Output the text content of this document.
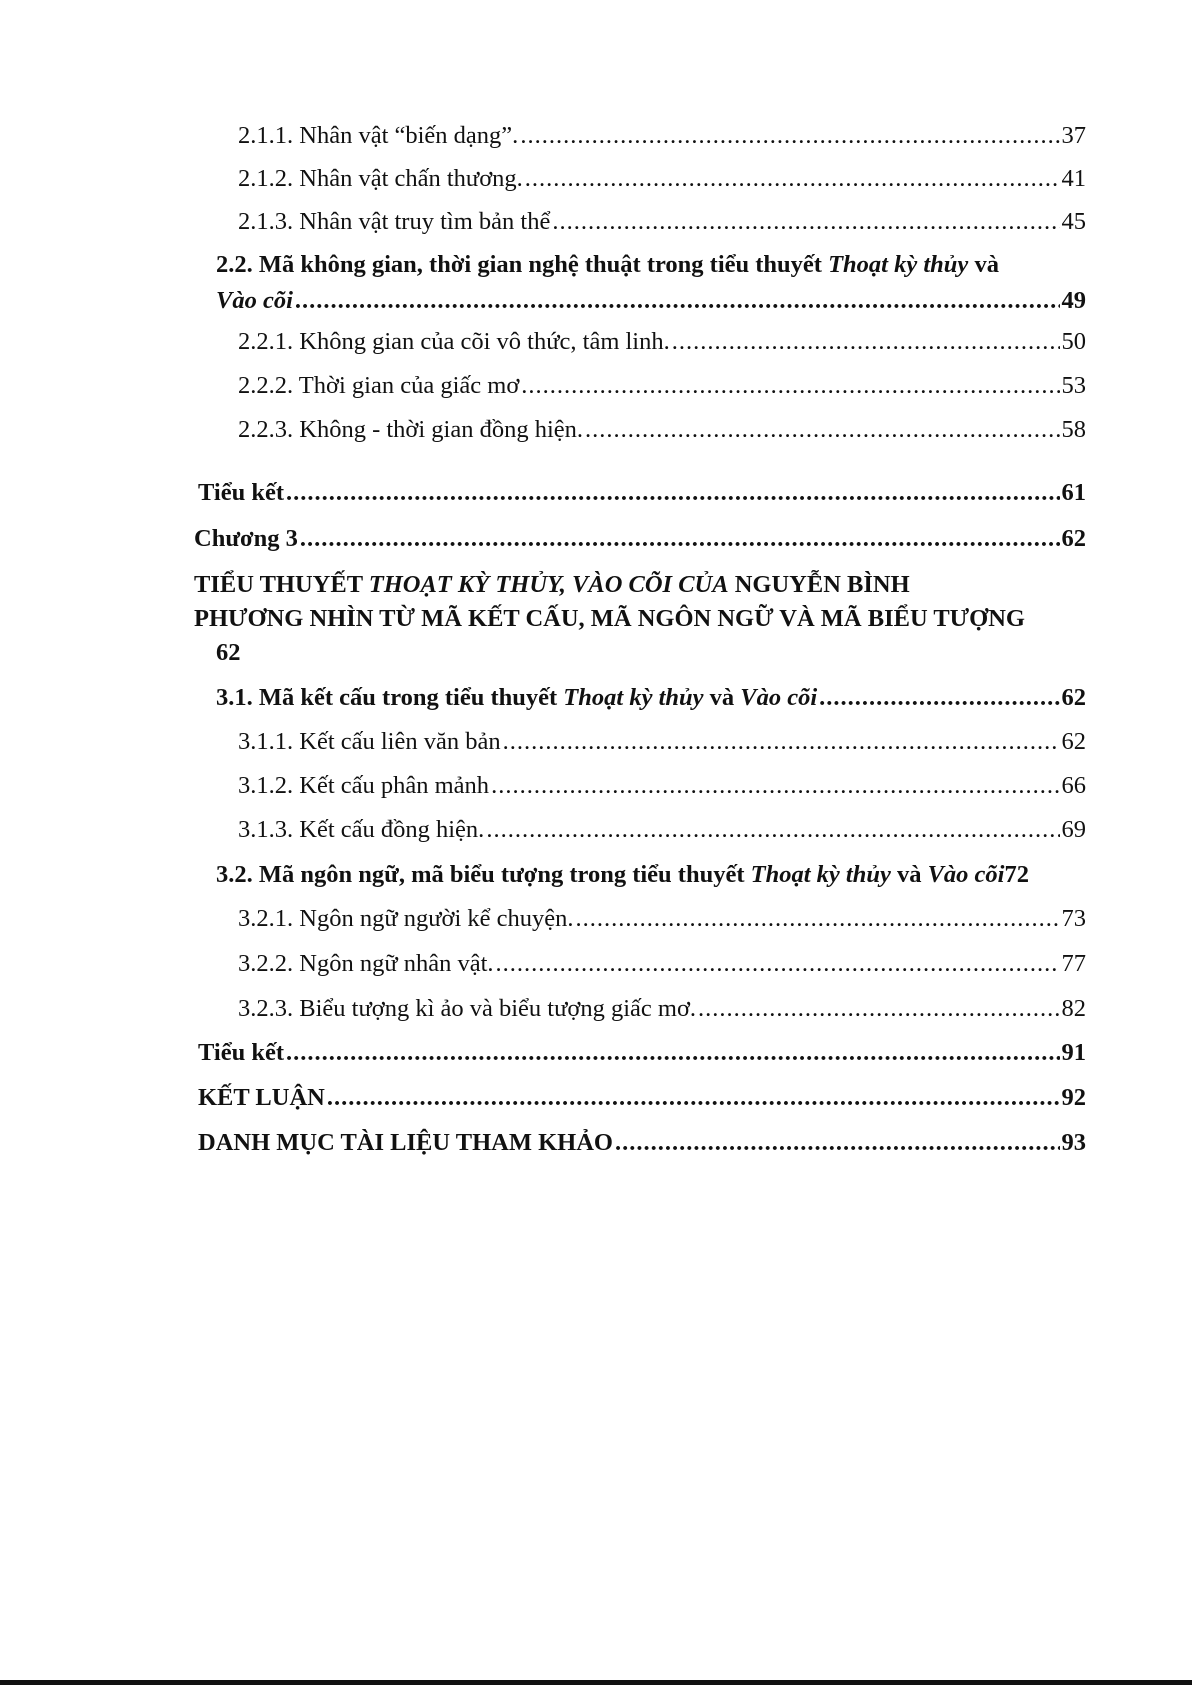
2.1.1. Nhân vật “biến dạng”. .....	37
2.1.2. Nhân vật chấn thương. .....	41
2.1.3. Nhân vật truy tìm bản thể .....	45
2.2. Mã không gian, thời gian nghệ thuật trong tiểu thuyết Thoạt kỳ thủy và
Vào cõi .....	49
2.2.1. Không gian của cõi vô thức, tâm linh. .....	50
2.2.2. Thời gian của giấc mơ .....	53
2.2.3. Không - thời gian đồng hiện. .....	58
Tiểu kết .....	61
Chương 3 .....	62
TIỂU THUYẾT THOẠT KỲ THỦY, VÀO CÕI CỦA NGUYỄN BÌNH
PHƯƠNG NHÌN TỪ MÃ KẾT CẤU, MÃ NGÔN NGỮ VÀ MÃ BIỂU TƯỢNG
62
3.1. Mã kết cấu trong tiểu thuyết Thoạt kỳ thủy và Vào cõi .....	62
3.1.1. Kết cấu liên văn bản .....	62
3.1.2. Kết cấu phân mảnh .....	66
3.1.3. Kết cấu đồng hiện. .....	69
3.2. Mã ngôn ngữ, mã biểu tượng trong tiểu thuyết Thoạt kỳ thủy và Vào cõi72
3.2.1. Ngôn ngữ người kể chuyện. .....	73
3.2.2. Ngôn ngữ nhân vật. .....	77
3.2.3. Biểu tượng kì ảo và biểu tượng giấc mơ. .....	82
Tiểu kết .....	91
KẾT LUẬN .....	92
DANH MỤC TÀI LIỆU THAM KHẢO .....	93
